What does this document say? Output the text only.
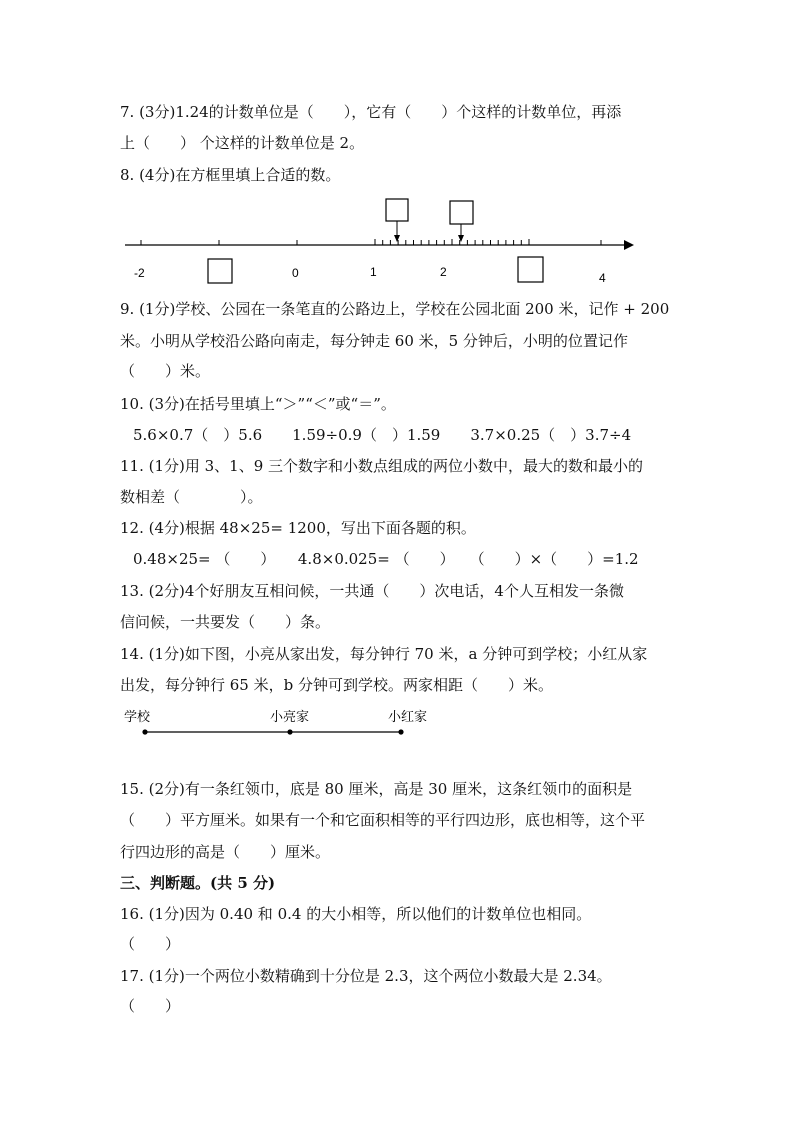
7. (3分)1.24的计数单位是（　　），它有（　　）个这样的计数单位，再添
上（　　） 个这样的计数单位是 2。
8. (4分)在方框里填上合适的数。
-2	0	1	2	4
9. (1分)学校、公园在一条笔直的公路边上，学校在公园北面 200 米，记作 + 200
米。小明从学校沿公路向南走，每分钟走 60 米，5 分钟后，小明的位置记作
（　　）米。
10. (3分)在括号里填上“＞”“＜”或“＝”。
5.6×0.7（　）5.6　　1.59÷0.9（　）1.59　　3.7×0.25（　）3.7÷4
11. (1分)用 3、1、9 三个数字和小数点组成的两位小数中，最大的数和最小的
数相差（　　　　）。
12. (4分)根据 48×25= 1200，写出下面各题的积。
0.48×25= （　　）　　4.8×0.025= （　　）　　（　　）×（　　）=1.2
13. (2分)4个好朋友互相问候，一共通（　　）次电话，4个人互相发一条微
信问候，一共要发（　　）条。
14. (1分)如下图，小亮从家出发，每分钟行 70 米，a 分钟可到学校；小红从家
出发，每分钟行 65 米，b 分钟可到学校。两家相距（　　）米。
学校	小亮家	小红家
15. (2分)有一条红领巾，底是 80 厘米，高是 30 厘米，这条红领巾的面积是
（　　）平方厘米。如果有一个和它面积相等的平行四边形，底也相等，这个平
行四边形的高是（　　）厘米。
三、判断题。(共 5 分)
16. (1分)因为 0.40 和 0.4 的大小相等，所以他们的计数单位也相同。
（　　）
17. (1分)一个两位小数精确到十分位是 2.3，这个两位小数最大是 2.34。
（　　）
